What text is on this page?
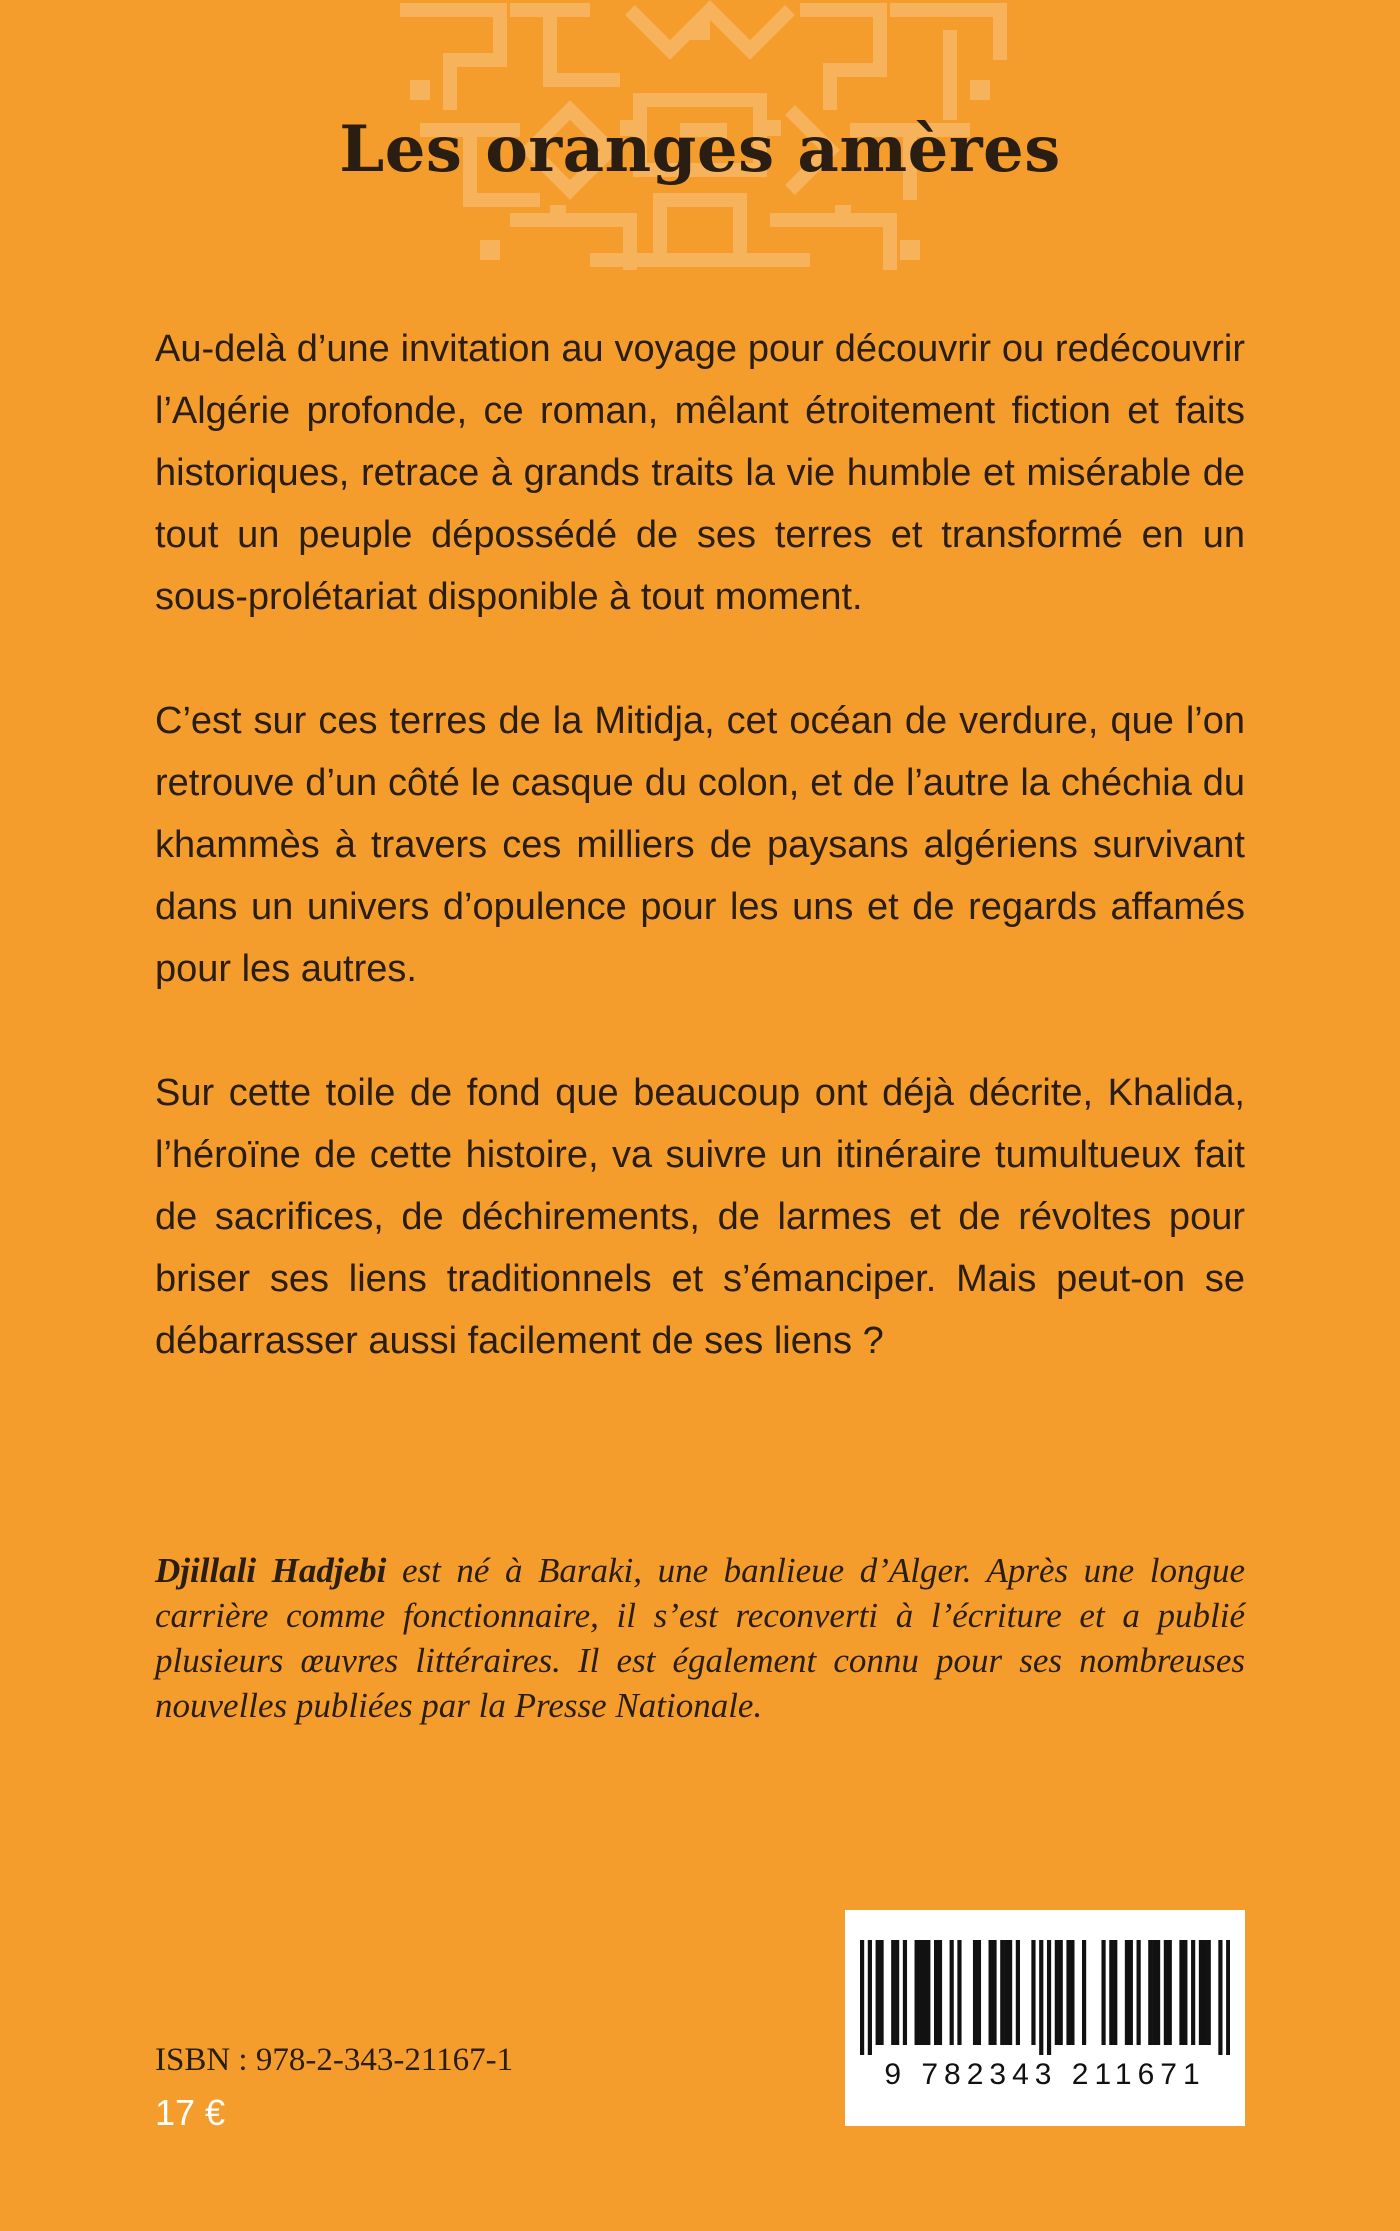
Les oranges amères

Au-delà d’une invitation au voyage pour découvrir ou redécouvrir l’Algérie profonde, ce roman, mêlant étroitement fiction et faits historiques, retrace à grands traits la vie humble et misérable de tout un peuple dépossédé de ses terres et transformé en un sous-prolétariat disponible à tout moment.

C’est sur ces terres de la Mitidja, cet océan de verdure, que l’on retrouve d’un côté le casque du colon, et de l’autre la chéchia du khammès à travers ces milliers de paysans algériens survivant dans un univers d’opulence pour les uns et de regards affamés pour les autres.

Sur cette toile de fond que beaucoup ont déjà décrite, Khalida, l’héroïne de cette histoire, va suivre un itinéraire tumultueux fait de sacrifices, de déchirements, de larmes et de révoltes pour briser ses liens traditionnels et s’émanciper. Mais peut-on se débarrasser aussi facilement de ses liens ?

Djillali Hadjebi est né à Baraki, une banlieue d’Alger. Après une longue carrière comme fonctionnaire, il s’est reconverti à l’écriture et a publié plusieurs œuvres littéraires. Il est également connu pour ses nombreuses nouvelles publiées par la Presse Nationale.

9 782343 211671
ISBN : 978-2-343-21167-1
17 €
